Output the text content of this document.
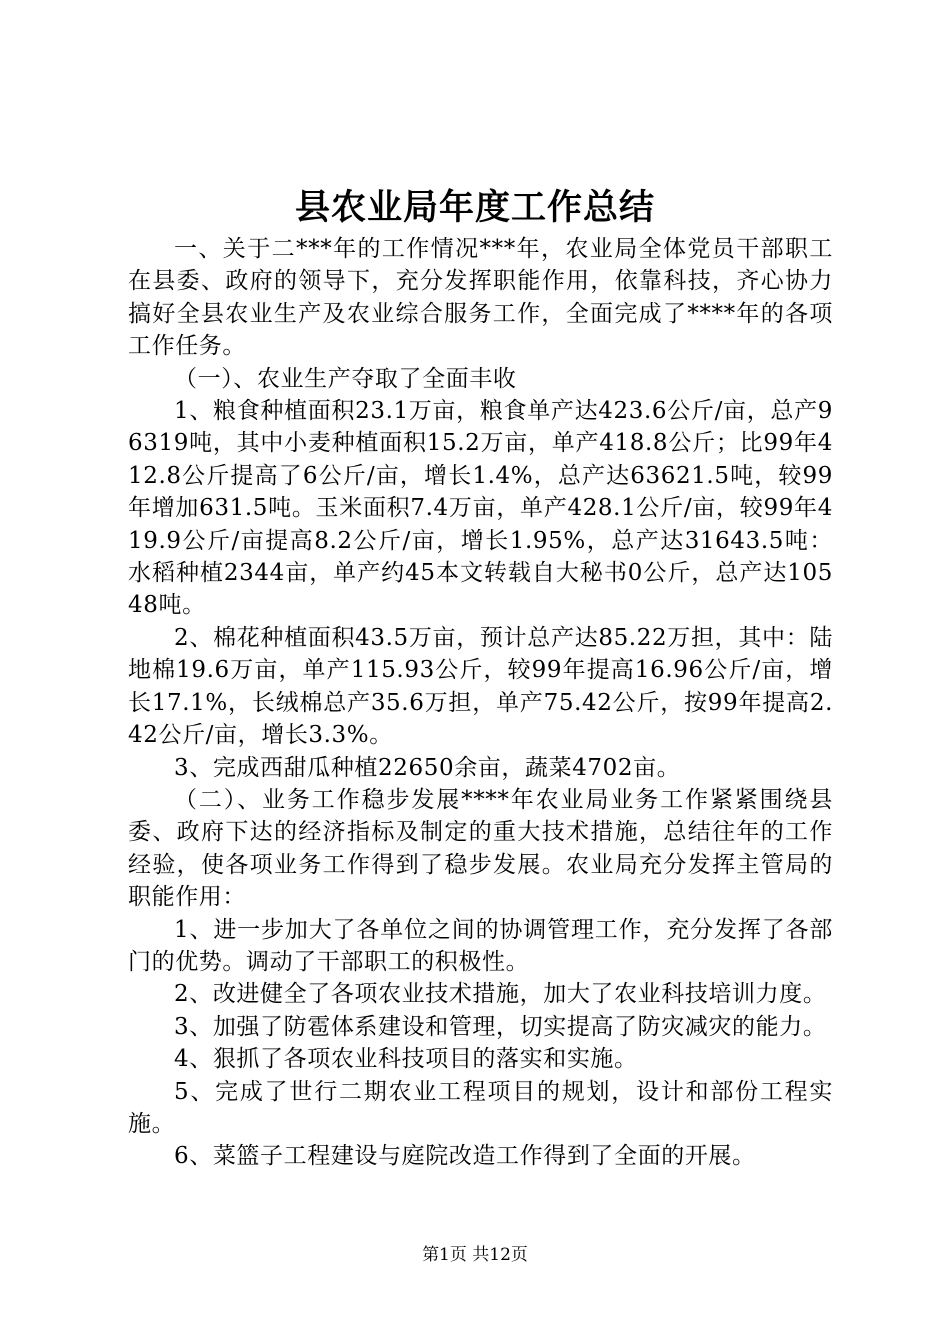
县农业局年度工作总结

一、关于二***年的工作情况***年，农业局全体党员干部职工在县委、政府的领导下，充分发挥职能作用，依靠科技，齐心协力搞好全县农业生产及农业综合服务工作，全面完成了****年的各项工作任务。

（一）、农业生产夺取了全面丰收

1、粮食种植面积23.1万亩，粮食单产达423.6公斤/亩，总产96319吨，其中小麦种植面积15.2万亩，单产418.8公斤；比99年412.8公斤提高了6公斤/亩，增长1.4%，总产达63621.5吨，较99年增加631.5吨。玉米面积7.4万亩，单产428.1公斤/亩，较99年419.9公斤/亩提高8.2公斤/亩，增长1.95%，总产达31643.5吨：水稻种植2344亩，单产约45本文转载自大秘书0公斤，总产达10548吨。

2、棉花种植面积43.5万亩，预计总产达85.22万担，其中：陆地棉19.6万亩，单产115.93公斤，较99年提高16.96公斤/亩，增长17.1%，长绒棉总产35.6万担，单产75.42公斤，按99年提高2.42公斤/亩，增长3.3%。

3、完成西甜瓜种植22650余亩，蔬菜4702亩。

（二）、业务工作稳步发展****年农业局业务工作紧紧围绕县委、政府下达的经济指标及制定的重大技术措施，总结往年的工作经验，使各项业务工作得到了稳步发展。农业局充分发挥主管局的职能作用：

1、进一步加大了各单位之间的协调管理工作，充分发挥了各部门的优势。调动了干部职工的积极性。

2、改进健全了各项农业技术措施，加大了农业科技培训力度。

3、加强了防雹体系建设和管理，切实提高了防灾减灾的能力。

4、狠抓了各项农业科技项目的落实和实施。

5、完成了世行二期农业工程项目的规划，设计和部份工程实施。

6、菜篮子工程建设与庭院改造工作得到了全面的开展。

第1页 共12页
